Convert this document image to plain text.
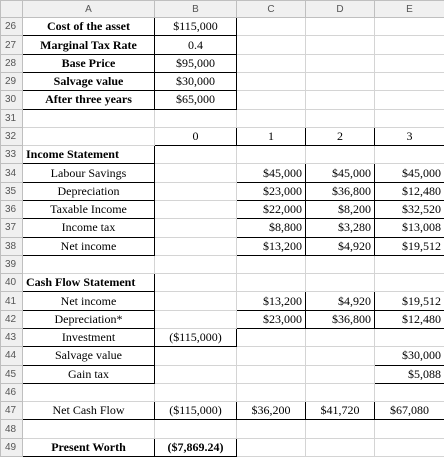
	A	B	C	D	E
26	Cost of the asset	$115,000			
27	Marginal Tax Rate	0.4			
28	Base Price	$95,000			
29	Salvage value	$30,000			
30	After three years	$65,000			
31					
32		0	1	2	3
33	Income Statement				
34	Labour Savings		$45,000	$45,000	$45,000
35	Depreciation		$23,000	$36,800	$12,480
36	Taxable Income		$22,000	$8,200	$32,520
37	Income tax		$8,800	$3,280	$13,008
38	Net income		$13,200	$4,920	$19,512
39					
40	Cash Flow Statement				
41	Net income		$13,200	$4,920	$19,512
42	Depreciation*		$23,000	$36,800	$12,480
43	Investment	($115,000)			
44	Salvage value				$30,000
45	Gain tax				$5,088
46					
47	Net Cash Flow	($115,000)	$36,200	$41,720	$67,080
48					
49	Present Worth	($7,869.24)			
